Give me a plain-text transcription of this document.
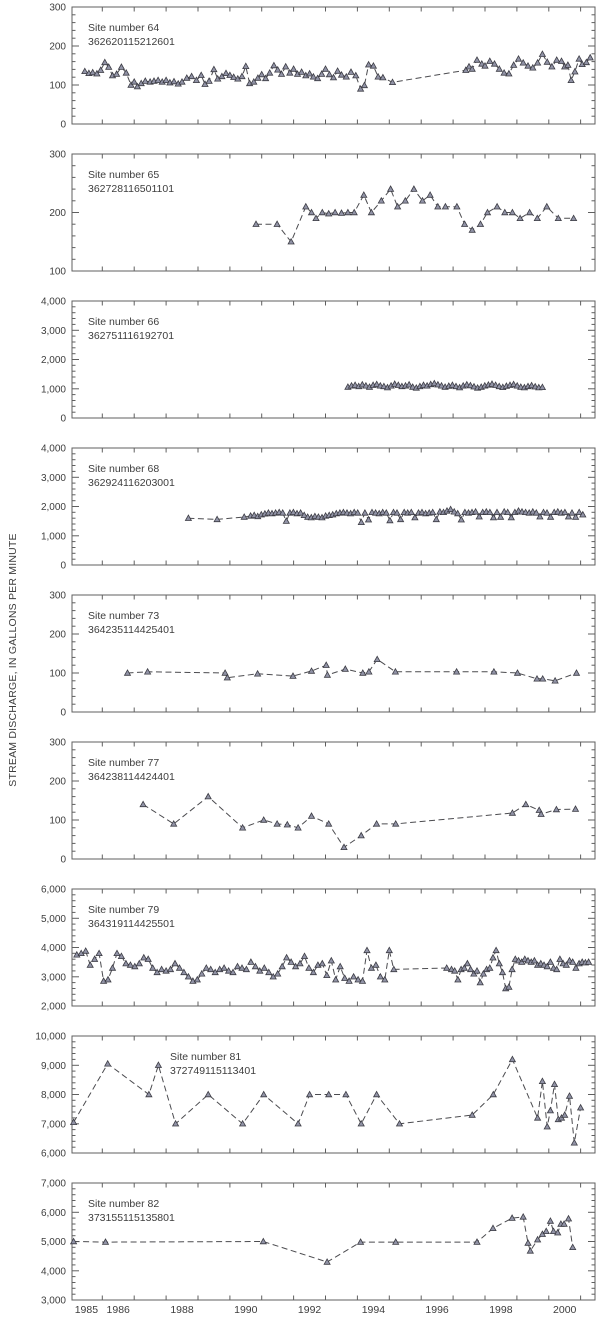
STREAM DISCHARGE, IN GALLONS PER MINUTE
0
100
200
300
Site number 64
362620115212601
100
200
300
Site number 65
362728116501101
0
1,000
2,000
3,000
4,000
Site number 66
362751116192701
0
1,000
2,000
3,000
4,000
Site number 68
362924116203001
0
100
200
300
Site number 73
364235114425401
0
100
200
300
Site number 77
364238114424401
2,000
3,000
4,000
5,000
6,000
Site number 79
364319114425501
6,000
7,000
8,000
9,000
10,000
Site number 81
372749115113401
3,000
4,000
5,000
6,000
7,000
1985 1986	1988	1990	1992	1994	1996	1998	2000
Site number 82
373155115135801
